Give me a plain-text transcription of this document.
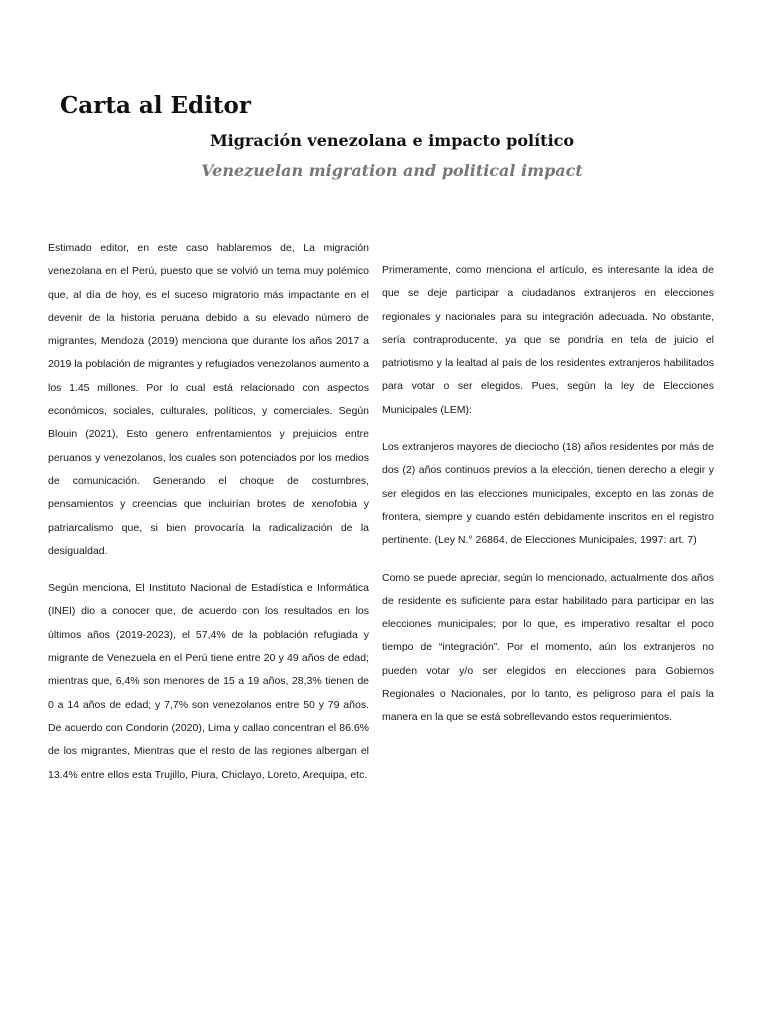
Carta al Editor
Migración venezolana e impacto político
Venezuelan migration and political impact

Estimado editor, en este caso hablaremos de, La migración venezolana en el Perú, puesto que se volvió un tema muy polémico que, al día de hoy, es el suceso migratorio más impactante en el devenir de la historia peruana debido a su elevado número de migrantes, Mendoza (2019) menciona que durante los años 2017 a 2019 la población de migrantes y refugiados venezolanos aumento a los 1.45 millones. Por lo cual está relacionado con aspectos económicos, sociales, culturales, políticos, y comerciales. Según Blouin (2021), Esto genero enfrentamientos y prejuicios entre peruanos y venezolanos, los cuales son potenciados por los medios de comunicación. Generando el choque de costumbres, pensamientos y creencias que incluirían brotes de xenofobia y patriarcalismo que, si bien provocaría la radicalización de la desigualdad.

Según menciona, El Instituto Nacional de Estadística e Informática (INEI) dio a conocer que, de acuerdo con los resultados en los últimos años (2019-2023), el 57,4% de la población refugiada y migrante de Venezuela en el Perú tiene entre 20 y 49 años de edad; mientras que, 6,4% son menores de 15 a 19 años, 28,3% tienen de 0 a 14 años de edad; y 7,7% son venezolanos entre 50 y 79 años. De acuerdo con Condorin (2020), Lima y callao concentran el 86.6% de los migrantes, Mientras que el resto de las regiones albergan el 13.4% entre ellos esta Trujillo, Piura, Chiclayo, Loreto, Arequipa, etc.

Primeramente, como menciona el artículo, es interesante la idea de que se deje participar a ciudadanos extranjeros en elecciones regionales y nacionales para su integración adecuada. No obstante, sería contraproducente, ya que se pondría en tela de juicio el patriotismo y la lealtad al país de los residentes extranjeros habilitados para votar o ser elegidos. Pues, según la ley de Elecciones Municipales (LEM):

Los extranjeros mayores de dieciocho (18) años residentes por más de dos (2) años continuos previos a la elección, tienen derecho a elegir y ser elegidos en las elecciones municipales, excepto en las zonas de frontera, siempre y cuando estén debidamente inscritos en el registro pertinente. (Ley N.° 26864, de Elecciones Municipales, 1997: art. 7)

Como se puede apreciar, según lo mencionado, actualmente dos años de residente es suficiente para estar habilitado para participar en las elecciones municipales; por lo que, es imperativo resaltar el poco tiempo de “integración”. Por el momento, aún los extranjeros no pueden votar y/o ser elegidos en elecciones para Gobiernos Regionales o Nacionales, por lo tanto, es peligroso para el país la manera en la que se está sobrellevando estos requerimientos.
